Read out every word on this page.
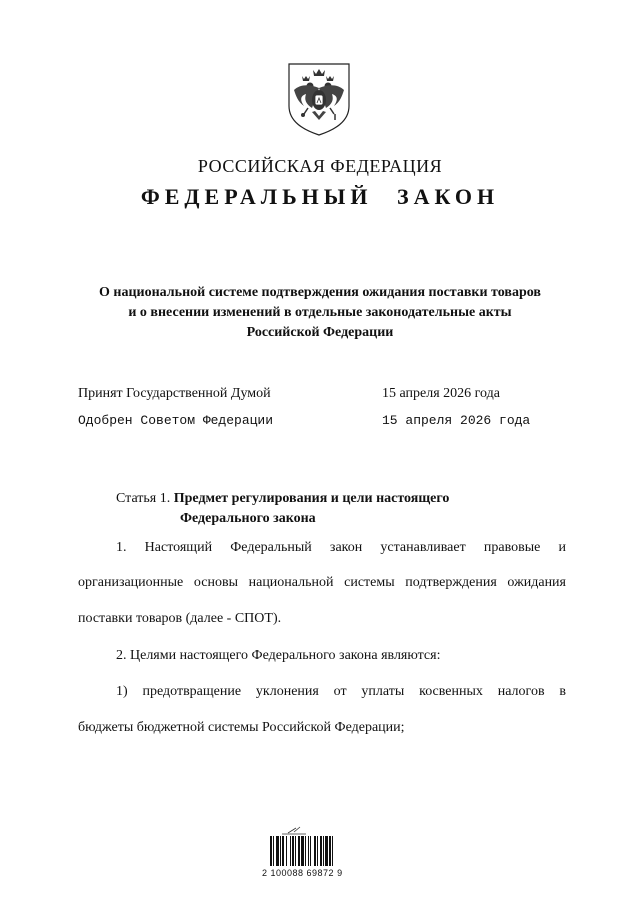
РОССИЙСКАЯ ФЕДЕРАЦИЯ
ФЕДЕРАЛЬНЫЙ ЗАКОН
О национальной системе подтверждения ожидания поставки товаров
и о внесении изменений в отдельные законодательные акты
Российской Федерации
Принят Государственной Думой	15 апреля 2026 года
Одобрен Советом Федерации	15 апреля 2026 года
Статья 1. Предмет регулирования и цели настоящего
Федерального закона
1. Настоящий Федеральный закон устанавливает правовые и
организационные основы национальной системы подтверждения ожидания
поставки товаров (далее - СПОТ).
2. Целями настоящего Федерального закона являются:
1) предотвращение уклонения от уплаты косвенных налогов в
бюджеты бюджетной системы Российской Федерации;
2 100088 69872 9
